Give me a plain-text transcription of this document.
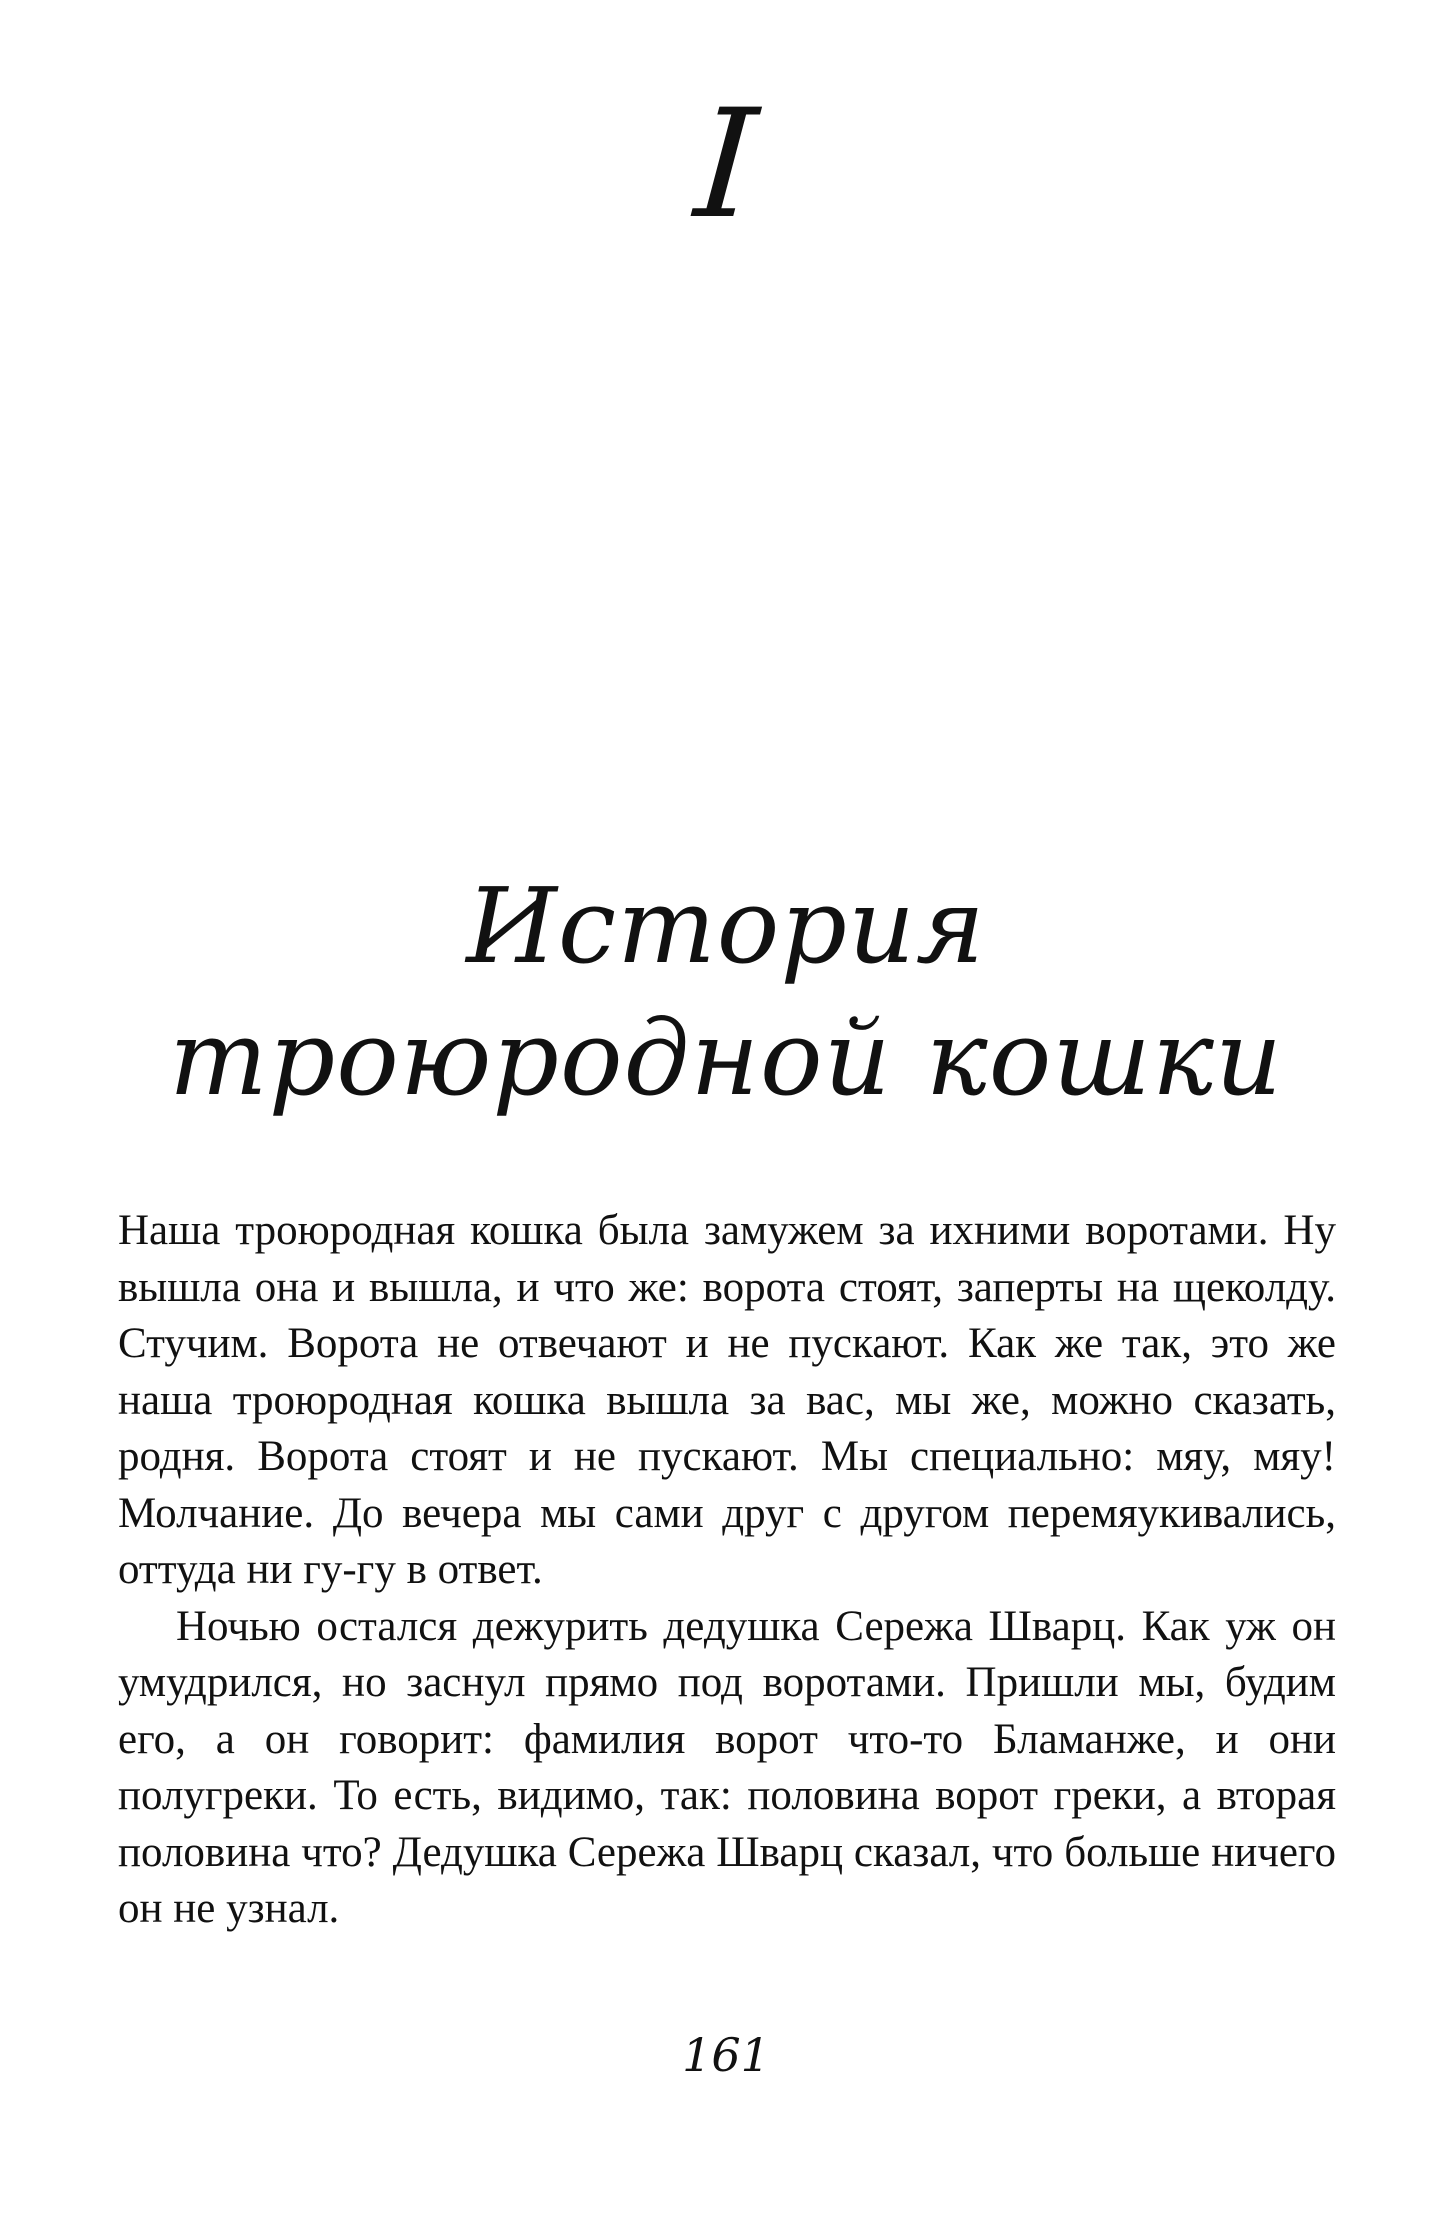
I
История
троюродной кошки

Наша троюродная кошка была замужем за ихними воротами. Ну вышла она и вышла, и что же: ворота стоят, заперты на щеколду. Стучим. Ворота не отвечают и не пускают. Как же так, это же наша троюродная кошка вышла за вас, мы же, можно сказать, родня. Ворота стоят и не пускают. Мы специально: мяу, мяу! Молчание. До вечера мы сами друг с другом перемяукивались, оттуда ни гу-гу в ответ.

Ночью остался дежурить дедушка Сережа Шварц. Как уж он умудрился, но заснул прямо под воротами. Пришли мы, будим его, а он говорит: фамилия ворот что-то Бламанже, и они полугреки. То есть, видимо, так: половина ворот греки, а вторая половина что? Дедушка Сережа Шварц сказал, что больше ничего он не узнал.

161
